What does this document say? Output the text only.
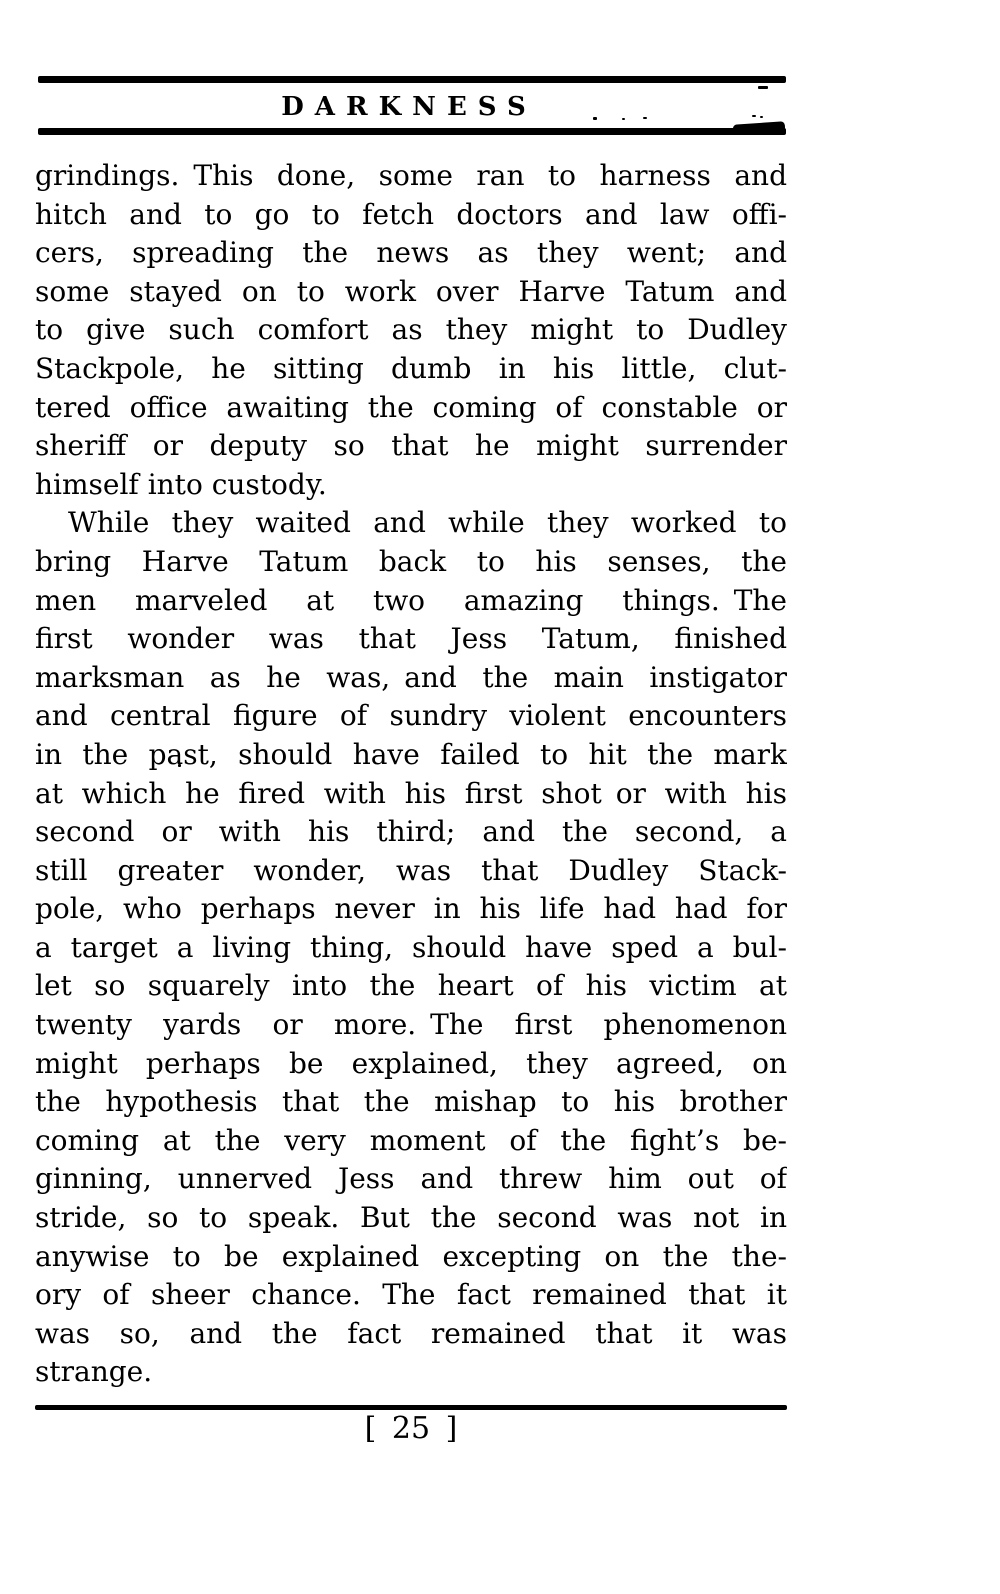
DARKNESS
grindings. This done, some ran to harness and
hitch and to go to fetch doctors and law offi-
cers, spreading the news as they went; and
some stayed on to work over Harve Tatum and
to give such comfort as they might to Dudley
Stackpole, he sitting dumb in his little, clut-
tered office awaiting the coming of constable or
sheriff or deputy so that he might surrender
himself into custody.
While they waited and while they worked to
bring Harve Tatum back to his senses, the
men marveled at two amazing things. The
first wonder was that Jess Tatum, finished
marksman as he was, and the main instigator
and central figure of sundry violent encounters
in the past, should have failed to hit the mark
at which he fired with his first shot or with his
second or with his third; and the second, a
still greater wonder, was that Dudley Stack-
pole, who perhaps never in his life had had for
a target a living thing, should have sped a bul-
let so squarely into the heart of his victim at
twenty yards or more. The first phenomenon
might perhaps be explained, they agreed, on
the hypothesis that the mishap to his brother
coming at the very moment of the fight’s be-
ginning, unnerved Jess and threw him out of
stride, so to speak. But the second was not in
anywise to be explained excepting on the the-
ory of sheer chance. The fact remained that it
was so, and the fact remained that it was
strange.
[ 25 ]
